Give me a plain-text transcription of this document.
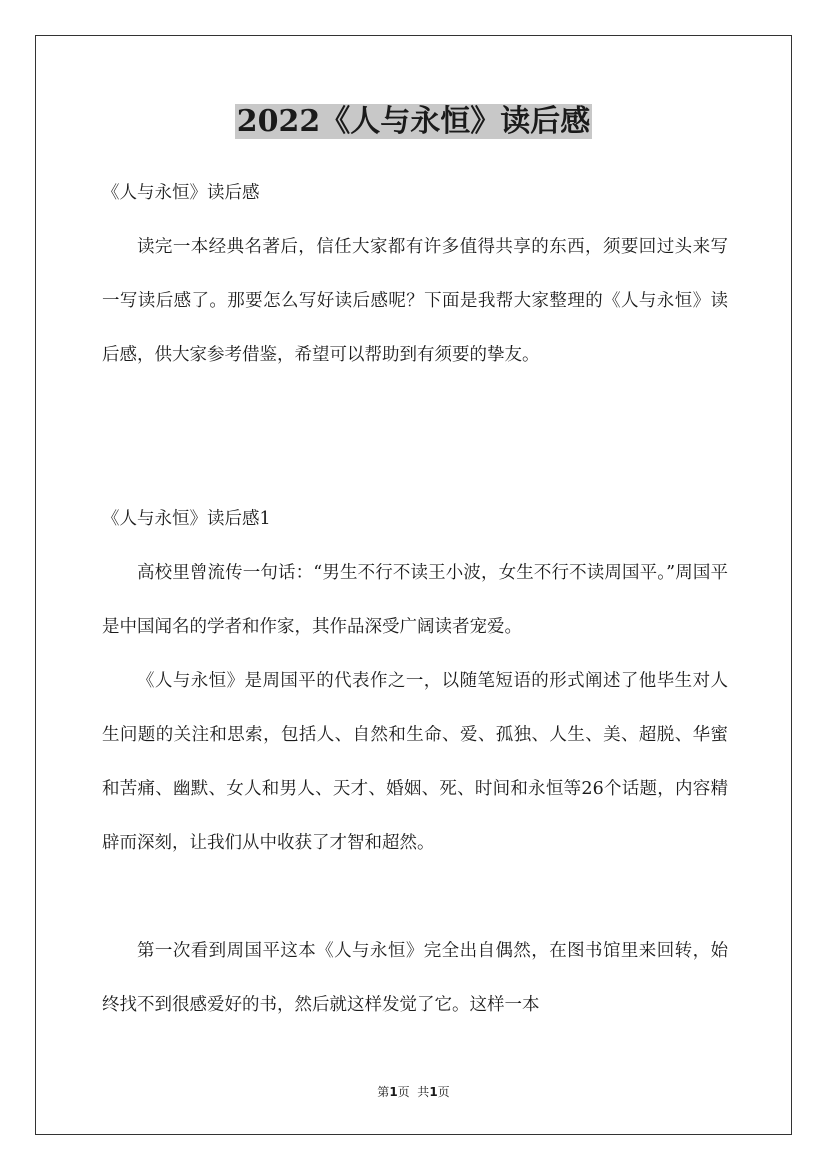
2022《人与永恒》读后感

《人与永恒》读后感

读完一本经典名著后，信任大家都有许多值得共享的东西，须要回过头来写一写读后感了。那要怎么写好读后感呢？下面是我帮大家整理的《人与永恒》读后感，供大家参考借鉴，希望可以帮助到有须要的挚友。

《人与永恒》读后感1

高校里曾流传一句话：“男生不行不读王小波，女生不行不读周国平。”周国平是中国闻名的学者和作家，其作品深受广阔读者宠爱。

《人与永恒》是周国平的代表作之一，以随笔短语的形式阐述了他毕生对人生问题的关注和思索，包括人、自然和生命、爱、孤独、人生、美、超脱、华蜜和苦痛、幽默、女人和男人、天才、婚姻、死、时间和永恒等26个话题，内容精辟而深刻，让我们从中收获了才智和超然。

第一次看到周国平这本《人与永恒》完全出自偶然，在图书馆里来回转，始终找不到很感爱好的书，然后就这样发觉了它。这样一本

第1页  共1页
